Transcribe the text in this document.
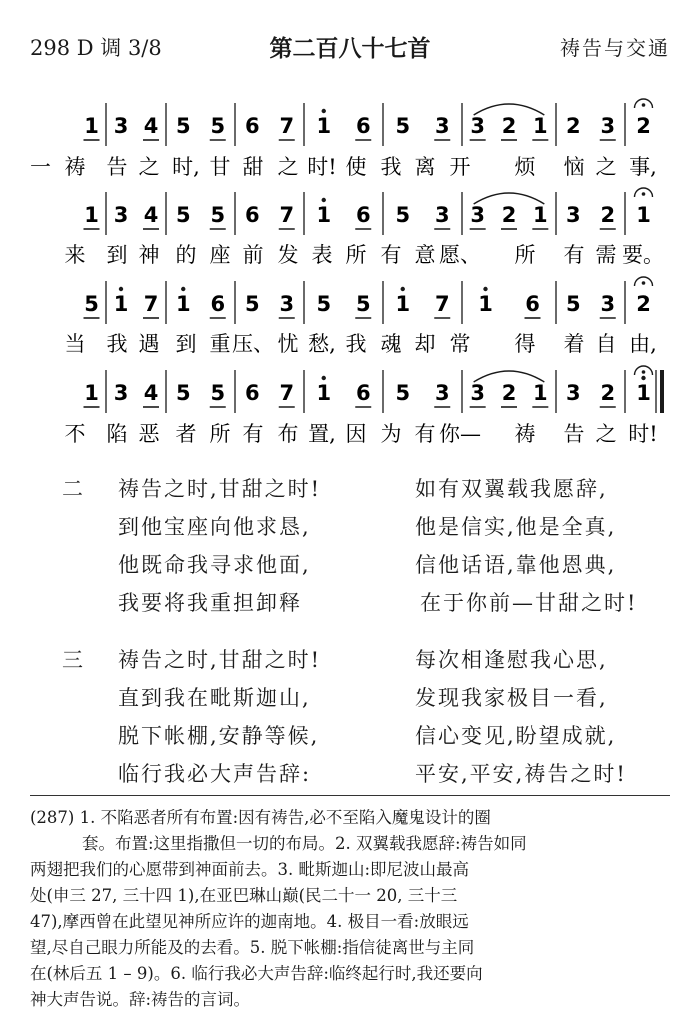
298 D 调 3/8	第二百八十七首	祷告与交通
一
1 3 4 5 5 6 7 1 6 5 3 3 2 1 2 3 2
祷 告 之 时, 甘 甜 之 时! 使 我 离 开 烦 恼 之 事,
1 3 4 5 5 6 7 1 6 5 3 3 2 1 3 2 1
来 到 神 的 座 前 发 表 所 有 意 愿、 所 有 需 要。
5 1 7 1 6 5 3 5 5 1 7 1 6 5 3 2
当 我 遇 到 重 压、 忧 愁, 我 魂 却 常 得 着 自 由,
1 3 4 5 5 6 7 1 6 5 3 3 2 1 3 2 1
不 陷 恶 者 所 有 布 置, 因 为 有 你— 祷 告 之 时!
二 祷告之时,甘甜之时!
到他宝座向他求恳,
他既命我寻求他面,
我要将我重担卸释
如有双翼载我愿辞,
他是信实,他是全真,
信他话语,靠他恩典,
在于你前—甘甜之时!
三 祷告之时,甘甜之时!
直到我在毗斯迦山,
脱下帐棚,安静等候,
临行我必大声告辞:
每次相逢慰我心思,
发现我家极目一看,
信心变见,盼望成就,
平安,平安,祷告之时!

(287) 1. 不陷恶者所有布置:因有祷告,必不至陷入魔鬼设计的圈

套。布置:这里指撒但一切的布局。2. 双翼载我愿辞:祷告如同

两翅把我们的心愿带到神面前去。3. 毗斯迦山:即尼波山最高

处(申三 27, 三十四 1),在亚巴琳山巅(民二十一 20, 三十三

47),摩西曾在此望见神所应许的迦南地。4. 极目一看:放眼远

望,尽自己眼力所能及的去看。5. 脱下帐棚:指信徒离世与主同

在(林后五 1 – 9)。6. 临行我必大声告辞:临终起行时,我还要向

神大声告说。辞:祷告的言词。
